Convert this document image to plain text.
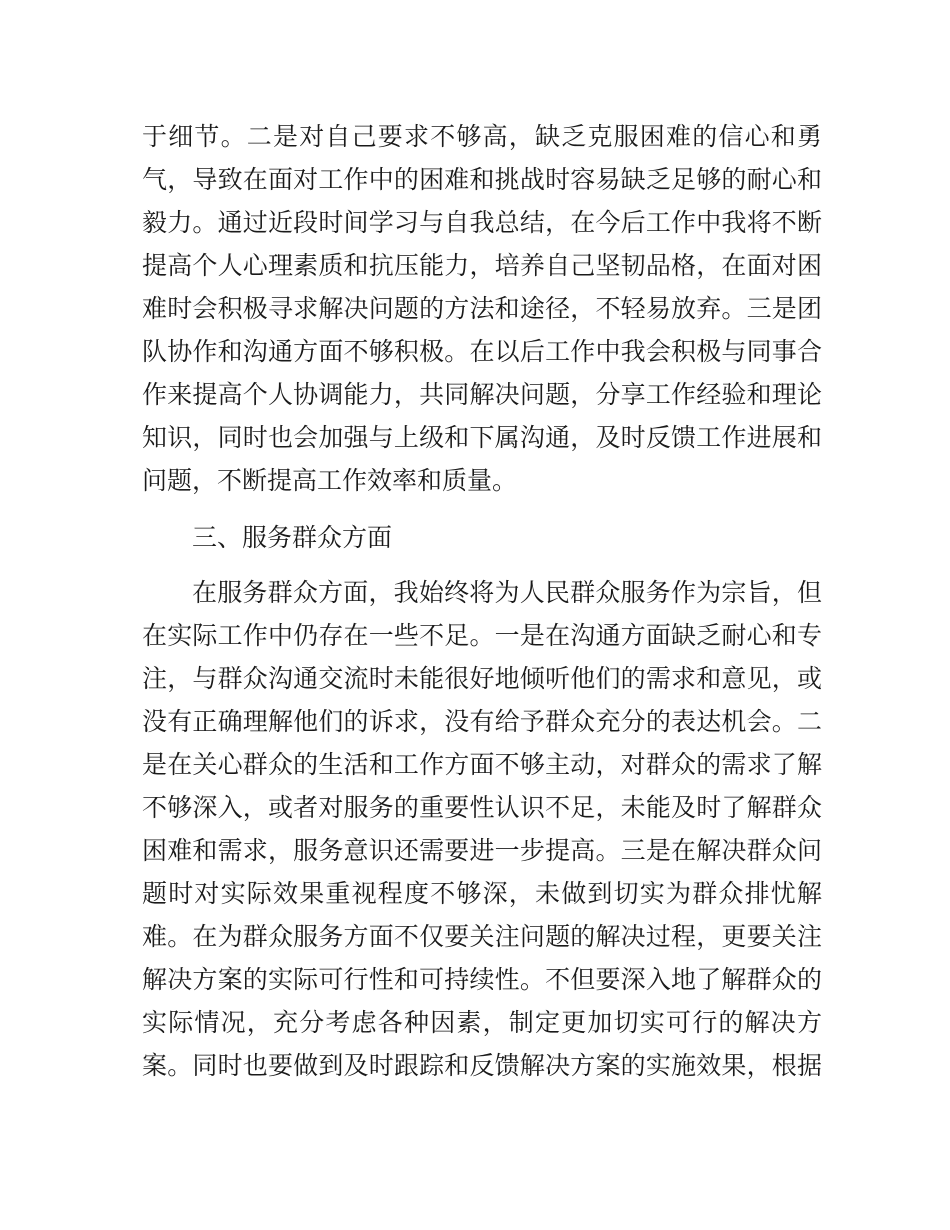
于细节。二是对自己要求不够高，缺乏克服困难的信心和勇
气，导致在面对工作中的困难和挑战时容易缺乏足够的耐心和
毅力。通过近段时间学习与自我总结，在今后工作中我将不断
提高个人心理素质和抗压能力，培养自己坚韧品格，在面对困
难时会积极寻求解决问题的方法和途径，不轻易放弃。三是团
队协作和沟通方面不够积极。在以后工作中我会积极与同事合
作来提高个人协调能力，共同解决问题，分享工作经验和理论
知识，同时也会加强与上级和下属沟通，及时反馈工作进展和
问题，不断提高工作效率和质量。
三、服务群众方面
在服务群众方面，我始终将为人民群众服务作为宗旨，但
在实际工作中仍存在一些不足。一是在沟通方面缺乏耐心和专
注，与群众沟通交流时未能很好地倾听他们的需求和意见，或
没有正确理解他们的诉求，没有给予群众充分的表达机会。二
是在关心群众的生活和工作方面不够主动，对群众的需求了解
不够深入，或者对服务的重要性认识不足，未能及时了解群众
困难和需求，服务意识还需要进一步提高。三是在解决群众问
题时对实际效果重视程度不够深，未做到切实为群众排忧解
难。在为群众服务方面不仅要关注问题的解决过程，更要关注
解决方案的实际可行性和可持续性。不但要深入地了解群众的
实际情况，充分考虑各种因素，制定更加切实可行的解决方
案。同时也要做到及时跟踪和反馈解决方案的实施效果，根据
